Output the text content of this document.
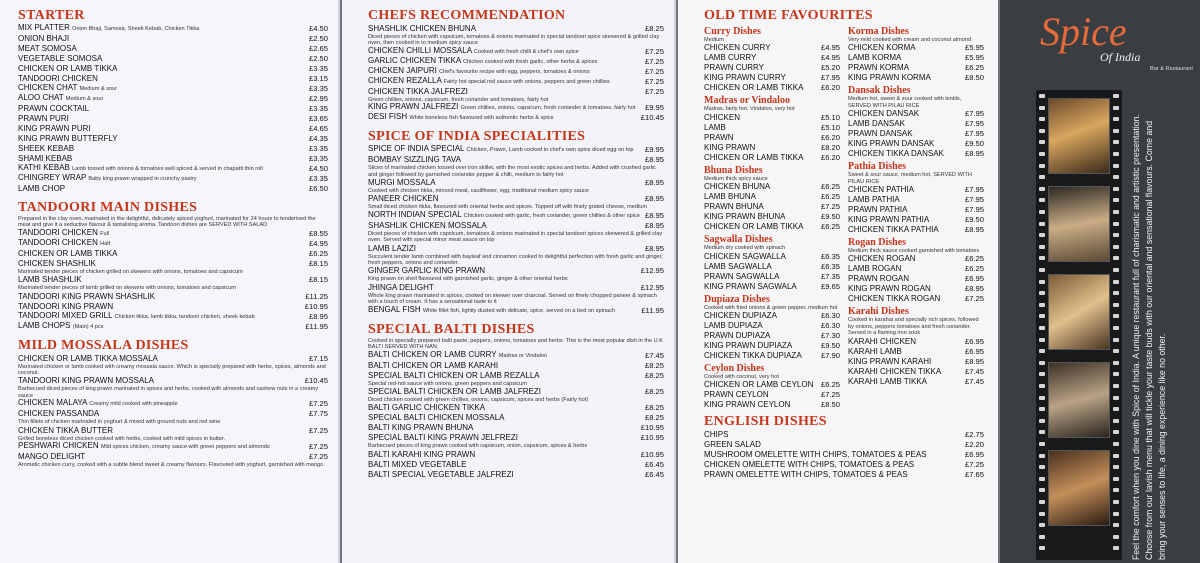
STARTER
MIX PLATTER Onion Bhaji, Samosa, Sheek Kebab, Chicken Tikka	£4.50
ONION BHAJI	£2.50
MEAT SOMOSA	£2.65
VEGETABLE SOMOSA	£2.50
CHICKEN OR LAMB TIKKA	£3.35
TANDOORI CHICKEN	£3.15
CHICKEN CHAT Medium & sour	£3.35
ALOO CHAT Medium & sour	£2.95
PRAWN COCKTAIL	£3.35
PRAWN PURI	£3.65
KING PRAWN PURI	£4.65
KING PRAWN BUTTERFLY	£4.35
SHEEK KEBAB	£3.35
SHAMI KEBAB	£3.35
KATHI KEBAB Lamb tossed with onions & tomatoes well spiced & served in chapatti thin roll	£4.50
CHINGREY WRAP Baby king prawn wrapped in crunchy pastry	£3.35
LAMB CHOP	£6.50
TANDOORI MAIN DISHES
Prepared in the clay oven, marinated in the delightful, delicately spiced yoghurt, marinated for 24 hours to tenderised the meat and give it a seductive flavour & tantalising aroma. Tandoori dishes are SERVED WITH SALAD
TANDOORI CHICKEN Full	£8.55
TANDOORI CHICKEN Half	£4.95
CHICKEN OR LAMB TIKKA	£6.25
CHICKEN SHASHLIK	£8.15
Marinated tender pieces of chicken grilled on skewers with onions, tomatoes and capsicum
LAMB SHASHLIK	£8.15
Marinated tender pieces of lamb grilled on skewers with onions, tomatoes and capsicum
TANDOORI KING PRAWN SHASHLIK	£11.25
TANDOORI KING PRAWN	£10.95
TANDOORI MIXED GRILL Chicken tikka, lamb tikka, tandoori chicken, sheek kebab	£8.95
LAMB CHOPS (Main) 4 pcs	£11.95
MILD MOSSALA DISHES
CHICKEN OR LAMB TIKKA MOSSALA	£7.15
Marinated chicken or lamb cooked with creamy mossala sauce. Which is specially prepared with herbs, spices, almonds and coconut.
TANDOORI KING PRAWN MOSSALA	£10.45
Barbecued diced pieces of king prawn marinated in spices and herbs, cooked with almonds and cashew nuts in a creamy sauce
CHICKEN MALAYA Creamy mild cooked with pineapple	£7.25
CHICKEN PASSANDA	£7.75
Thin fillets of chicken marinated in yoghurt & mixed with ground nuts and red wine
CHICKEN TIKKA BUTTER	£7.25
Grilled boneless diced chicken cooked with herbs, cooked with mild spices in butter.
PESHWARI CHICKEN Mild spices chicken, creamy sauce with green peppers and almonds	£7.25
MANGO DELIGHT	£7.25
Aromatic chicken curry, cooked with a subtle blend sweet & creamy flavours. Flavoured with yoghurt, garnished with mango.
CHEFS RECOMMENDATION
SHASHLIK CHICKEN BHUNA	£8.25
Diced pieces of chicken with capsicum, tomatoes & onions marinated in special tandoori spice skewered & grilled clay oven, then cooked in to medium spicy sauce
CHICKEN CHILLI MOSSALA Cooked with fresh chilli & chef's own spice	£7.25
GARLIC CHICKEN TIKKA Chicken cooked with fresh garlic, other herbs & spices	£7.25
CHICKEN JAIPURI Chef's favourite recipe with egg, peppers, tomatoes & onions	£7.25
CHICKEN REZALLA Fairly hot special red sauce with onions, peppers and green chillies	£7.25
CHICKEN TIKKA JALFREZI	£7.25
Green chillies, onions, capsicum, fresh coriander and tomatoes, fairly hot
KING PRAWN JALFREZI Green chillies, onions, capsicum, fresh coriander & tomatoes, fairly hot £9.95
DESI FISH White boneless fish flavoured with authentic herbs & spice	£10.45
SPICE OF INDIA SPECIALITIES
SPICE OF INDIA SPECIAL Chicken, Prawn, Lamb cooked in chef's own spice diced egg on top £9.95
BOMBAY SIZZLING TAVA	£8.95
Slices of marinated chicken tossed over iron skillet, with the most exotic spices and herbs. Added with crushed garlic and ginger followed by garnished coriander pepper & chilli, medium to fairly hot
MURGI MOSSALA	£8.95
Cooked with chicken tikka, minced meat, cauliflower, egg, traditional medium spicy sauce
PANEER CHICKEN	£8.95
Small diced chicken tikka, flavoured with oriental herbs and spices. Topped off with finely grated cheese, medium
NORTH INDIAN SPECIAL Chicken cooked with garlic, fresh coriander, green chillies & other spice £8.95
SHASHLIK CHICKEN MOSSALA	£8.95
Diced pieces of chicken with capsicum, tomatoes & onions marinated in special tandoori spices skewered & grilled clay oven. Served with special minor meat sauce on top
LAMB LAZIZI	£8.95
Succulent tender lamb combined with bayleaf and cinnamon cooked to delightful perfection with fresh garlic and ginger, fresh peppers, onions and coriander.
GINGER GARLIC KING PRAWN	£12.95
King prawn on shell flavoured with garnished garlic, ginger & other oriental herbs
JHINGA DELIGHT	£12.95
Whole king prawn marinated in spices, cooked on skewer over charcoal. Served on finely chopped paneer & spinach with a touch of cream. It has a sensational taste to it
BENGAL FISH White fillet fish, lightly dusted with delicate, spice, served on a bed on spinach	£11.95
SPECIAL BALTI DISHES
Cooked in specially prepared balti paste, peppers, onions, tomatoes and herbs. This is the most popular dish in the U.K BALTI SERVED WITH NAN.
BALTI CHICKEN OR LAMB CURRY Madras or Vindaloo	£7.45
BALTI CHICKEN OR LAMB KARAHI	£8.25
SPECIAL BALTI CHICKEN OR LAMB REZALLA	£8.25
Special red-hot sauce with onions, green peppers and capsicum
SPECIAL BALTI CHICKEN OR LAMB JALFREZI	£8.25
Diced chicken cooked with green chillies, onions, capsicum, spices and herbs (Fairly hot)
BALTI GARLIC CHICKEN TIKKA	£8.25
SPECIAL BALTI CHICKEN MOSSALA	£8.25
BALTI KING PRAWN BHUNA	£10.95
SPECIAL BALTI KING PRAWN JELFREZI	£10.95
Barbecued pieces of king prawn cooked with capsicum, onion, capsicum, spices & herbs
BALTI KARAHI KING PRAWN	£10.95
BALTI MIXED VEGETABLE	£6.45
BALTI SPECIAL VEGETABLE JALFREZI	£6.45
OLD TIME FAVOURITES
Curry Dishes
Medium
CHICKEN CURRY	£4.95
LAMB CURRY	£4.95
PRAWN CURRY	£5.20
KING PRAWN CURRY	£7.95
CHICKEN OR LAMB TIKKA £6.20
Madras or Vindaloo
Madras, fairly hot. Vindaloo, very hot
CHICKEN	£5.10
LAMB	£5.10
PRAWN	£6.20
KING PRAWN	£8.20
CHICKEN OR LAMB TIKKA £6.20
Bhuna Dishes
Medium thick spicy sauce
CHICKEN BHUNA	£6.25
LAMB BHUNA	£6.25
PRAWN BHUNA	£7.25
KING PRAWN BHUNA	£9.50
CHICKEN OR LAMB TIKKA £6.25
Sagwalla Dishes
Medium dry cooked with spinach
CHICKEN SAGWALLA	£6.35
LAMB SAGWALLA	£6.35
PRAWN SAGWALLA	£7.35
KING PRAWN SAGWALA	£9.65
Dupiaza Dishes
Cooked with fried onions & green pepper, medium hot
CHICKEN DUPIAZA	£6.30
LAMB DUPIAZA	£6.30
PRAWN DUPIAZA	£7.30
KING PRAWN DUPIAZA	£9.50
CHICKEN TIKKA DUPIAZA	£7.90
Ceylon Dishes
Cooked with coconut, very hot
CHICKEN OR LAMB CEYLON £6.25
PRAWN CEYLON	£7.25
KING PRAWN CEYLON	£8.50
Korma Dishes
Very mild cooked with cream and coconut almond
CHICKEN KORMA	£5.95
LAMB KORMA	£5.95
PRAWN KORMA	£6.25
KING PRAWN KORMA	£8.50
Dansak Dishes
Medium hot, sweet & sour cooked with lentils, SERVED WITH PILAU RICE
CHICKEN DANSAK	£7.95
LAMB DANSAK	£7.95
PRAWN DANSAK	£7.95
KING PRAWN DANSAK	£9.50
CHICKEN TIKKA DANSAK	£8.95
Pathia Dishes
Sweet & sour sauce, medium hot, SERVED WITH PILAU RICE
CHICKEN PATHIA	£7.95
LAMB PATHIA	£7.95
PRAWN PATHIA	£7.95
KING PRAWN PATHIA	£9.50
CHICKEN TIKKA PATHIA	£8.95
Rogan Dishes
Medium thick sauce cooked garnished with tomatoes
CHICKEN ROGAN	£6.25
LAMB ROGAN	£6.25
PRAWN ROGAN	£6.95
KING PRAWN ROGAN	£8.95
CHICKEN TIKKA ROGAN	£7.25
Karahi Dishes
Cooked in karahai and specially rich spices, followed by onions, peppers tomatoes and fresh coriander. Served in a flaming iron souk
KARAHI CHICKEN	£6.95
KARAHI LAMB	£6.95
KING PRAWN KARAHI	£8.95
KARAHI CHICKEN TIKKA	£7.45
KARAHI LAMB TIKKA	£7.45
ENGLISH DISHES
CHIPS	£2.75
GREEN SALAD	£2.20
MUSHROOM OMELETTE WITH CHIPS, TOMATOES & PEAS	£6.95
CHICKEN OMELETTE WITH CHIPS, TOMATOES & PEAS	£7.25
PRAWN OMELETTE WITH CHIPS, TOMATOES & PEAS	£7.65
Spice
Of India
Bar & Restaurant
Feel the comfort when you dine with Spice of India. A unique restaurant full of charismatic and artistic presentation. Choose from our lavish menu that will tickle your taste buds with our oriental and sensational flavours. Come and bring your senses to life, a dining experience like no other.
